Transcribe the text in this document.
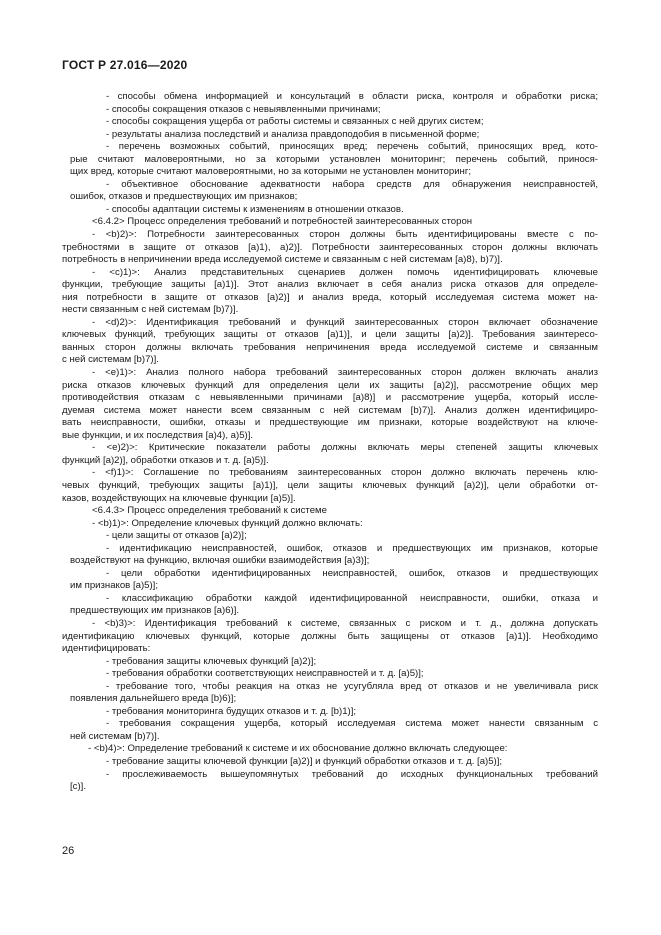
ГОСТ Р 27.016—2020
- способы обмена информацией и консультаций в области риска, контроля и обработки риска;
- способы сокращения отказов с невыявленными причинами;
- способы сокращения ущерба от работы системы и связанных с ней других систем;
- результаты анализа последствий и анализа правдоподобия в письменной форме;
- перечень возможных событий, приносящих вред; перечень событий, приносящих вред, кото-
рые считают маловероятными, но за которыми установлен мониторинг; перечень событий, принося-
щих вред, которые считают маловероятными, но за которыми не установлен мониторинг;
- объективное обоснование адекватности набора средств для обнаружения неисправностей,
ошибок, отказов и предшествующих им признаков;
- способы адаптации системы к изменениям в отношении отказов.
<6.4.2> Процесс определения требований и потребностей заинтересованных сторон
- <b)2)>: Потребности заинтересованных сторон должны быть идентифицированы вместе с по-
требностями в защите от отказов [a)1), a)2)]. Потребности заинтересованных сторон должны включать
потребность в непричинении вреда исследуемой системе и связанным с ней системам [a)8), b)7)].
- <c)1)>: Анализ представительных сценариев должен помочь идентифицировать ключевые
функции, требующие защиты [a)1)]. Этот анализ включает в себя анализ риска отказов для определе-
ния потребности в защите от отказов [a)2)] и анализ вреда, который исследуемая система может на-
нести связанным с ней системам [b)7)].
- <d)2)>: Идентификация требований и функций заинтересованных сторон включает обозначение
ключевых функций, требующих защиты от отказов [a)1)], и цели защиты [a)2)]. Требования заинтересо-
ванных сторон должны включать требования непричинения вреда исследуемой системе и связанным
с ней системам [b)7)].
- <e)1)>: Анализ полного набора требований заинтересованных сторон должен включать анализ
риска отказов ключевых функций для определения цели их защиты [a)2)], рассмотрение общих мер
противодействия отказам с невыявленными причинами [a)8)] и рассмотрение ущерба, который иссле-
дуемая система может нанести всем связанным с ней системам [b)7)]. Анализ должен идентифициро-
вать неисправности, ошибки, отказы и предшествующие им признаки, которые воздействуют на ключе-
вые функции, и их последствия [a)4), a)5)].
- <e)2)>: Критические показатели работы должны включать меры степеней защиты ключевых
функций [a)2)], обработки отказов и т. д. [a)5)].
- <f)1)>: Соглашение по требованиям заинтересованных сторон должно включать перечень клю-
чевых функций, требующих защиты [a)1)], цели защиты ключевых функций [a)2)], цели обработки от-
казов, воздействующих на ключевые функции [a)5)].
<6.4.3> Процесс определения требований к системе
- <b)1)>: Определение ключевых функций должно включать:
- цели защиты от отказов [a)2)];
- идентификацию неисправностей, ошибок, отказов и предшествующих им признаков, которые
воздействуют на функцию, включая ошибки взаимодействия [a)3)];
- цели обработки идентифицированных неисправностей, ошибок, отказов и предшествующих
им признаков [a)5)];
- классификацию обработки каждой идентифицированной неисправности, ошибки, отказа и
предшествующих им признаков [a)6)].
- <b)3)>: Идентификация требований к системе, связанных с риском и т. д., должна допускать
идентификацию ключевых функций, которые должны быть защищены от отказов [a)1)]. Необходимо
идентифицировать:
- требования защиты ключевых функций [a)2)];
- требования обработки соответствующих неисправностей и т. д. [a)5)];
- требование того, чтобы реакция на отказ не усугубляла вред от отказов и не увеличивала риск
появления дальнейшего вреда [b)6)];
- требования мониторинга будущих отказов и т. д. [b)1)];
- требования сокращения ущерба, который исследуемая система может нанести связанным с
ней системам [b)7)].
- <b)4)>: Определение требований к системе и их обоснование должно включать следующее:
- требование защиты ключевой функции [a)2)] и функций обработки отказов и т. д. [a)5)];
- прослеживаемость вышеупомянутых требований до исходных функциональных требований
[c)].
26
